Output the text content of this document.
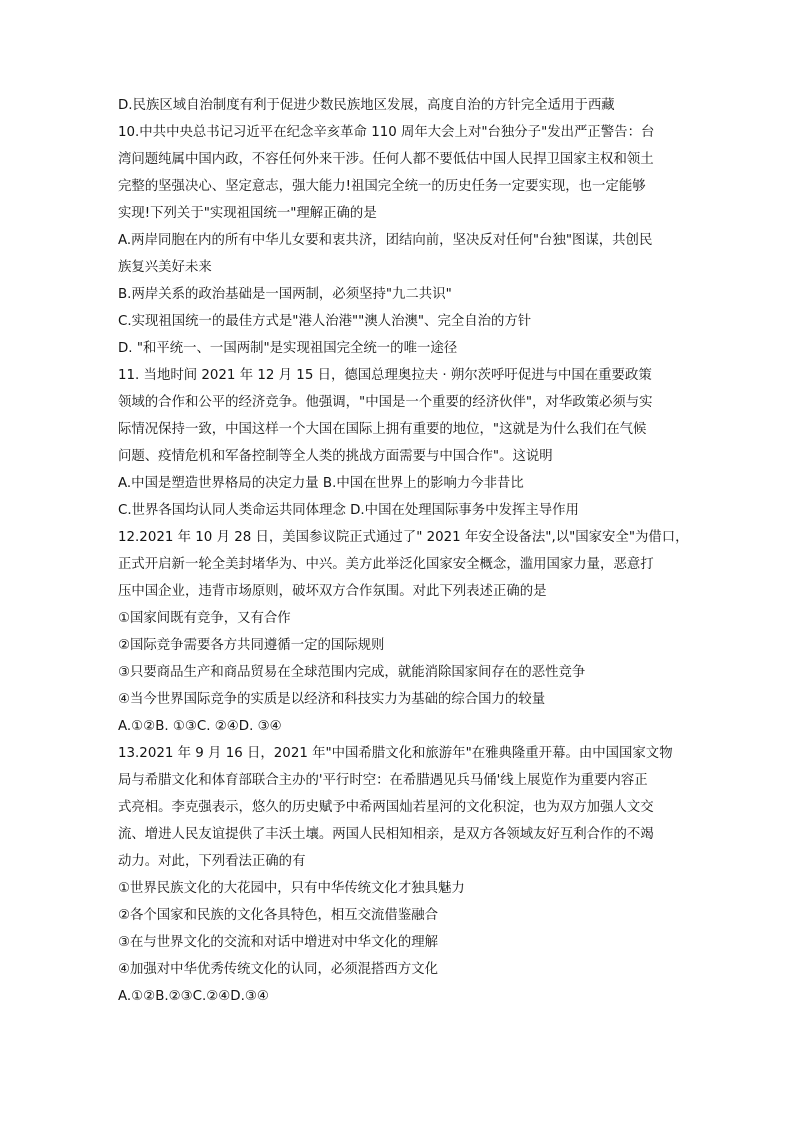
D.民族区域自治制度有利于促进少数民族地区发展，高度自治的方针完全适用于西藏
10.中共中央总书记习近平在纪念辛亥革命 110 周年大会上对"台独分子"发出严正警告：台
湾问题纯属中国内政，不容任何外来干涉。任何人都不要低估中国人民捍卫国家主权和领土
完整的坚强决心、坚定意志，强大能力!祖国完全统一的历史任务一定要实现，也一定能够
实现!下列关于"实现祖国统一"理解正确的是
A.两岸同胞在内的所有中华儿女要和衷共济，团结向前，坚决反对任何"台独"图谋，共创民
族复兴美好未来
B.两岸关系的政治基础是一国两制，必须坚持"九二共识"
C.实现祖国统一的最佳方式是"港人治港""澳人治澳"、完全自治的方针
D. "和平统一、一国两制"是实现祖国完全统一的唯一途径
11. 当地时间 2021 年 12 月 15 日，德国总理奥拉夫 · 朔尔茨呼吁促进与中国在重要政策
领域的合作和公平的经济竞争。他强调，"中国是一个重要的经济伙伴"，对华政策必须与实
际情况保持一致，中国这样一个大国在国际上拥有重要的地位，"这就是为什么我们在气候
问题、疫情危机和军备控制等全人类的挑战方面需要与中国合作"。这说明
A.中国是塑造世界格局的决定力量 B.中国在世界上的影响力今非昔比
C.世界各国均认同人类命运共同体理念 D.中国在处理国际事务中发挥主导作用
12.2021 年 10 月 28 日，美国参议院正式通过了" 2021 年安全设备法",以"国家安全"为借口，
正式开启新一轮全美封堵华为、中兴。美方此举泛化国家安全概念，滥用国家力量，恶意打
压中国企业，违背市场原则，破坏双方合作氛围。对此下列表述正确的是
①国家间既有竞争，又有合作
②国际竞争需要各方共同遵循一定的国际规则
③只要商品生产和商品贸易在全球范围内完成，就能消除国家间存在的恶性竞争
④当今世界国际竞争的实质是以经济和科技实力为基础的综合国力的较量
A.①②B. ①③C. ②④D. ③④
13.2021 年 9 月 16 日，2021 年"中国希腊文化和旅游年"在雅典隆重开幕。由中国国家文物
局与希腊文化和体育部联合主办的'平行时空：在希腊遇见兵马俑'线上展览作为重要内容正
式亮相。李克强表示，悠久的历史赋予中希两国灿若星河的文化积淀，也为双方加强人文交
流、增进人民友谊提供了丰沃土壤。两国人民相知相亲，是双方各领域友好互利合作的不竭
动力。对此，下列看法正确的有
①世界民族文化的大花园中，只有中华传统文化才独具魅力
②各个国家和民族的文化各具特色，相互交流借鉴融合
③在与世界文化的交流和对话中增进对中华文化的理解
④加强对中华优秀传统文化的认同，必须混搭西方文化
A.①②B.②③C.②④D.③④
